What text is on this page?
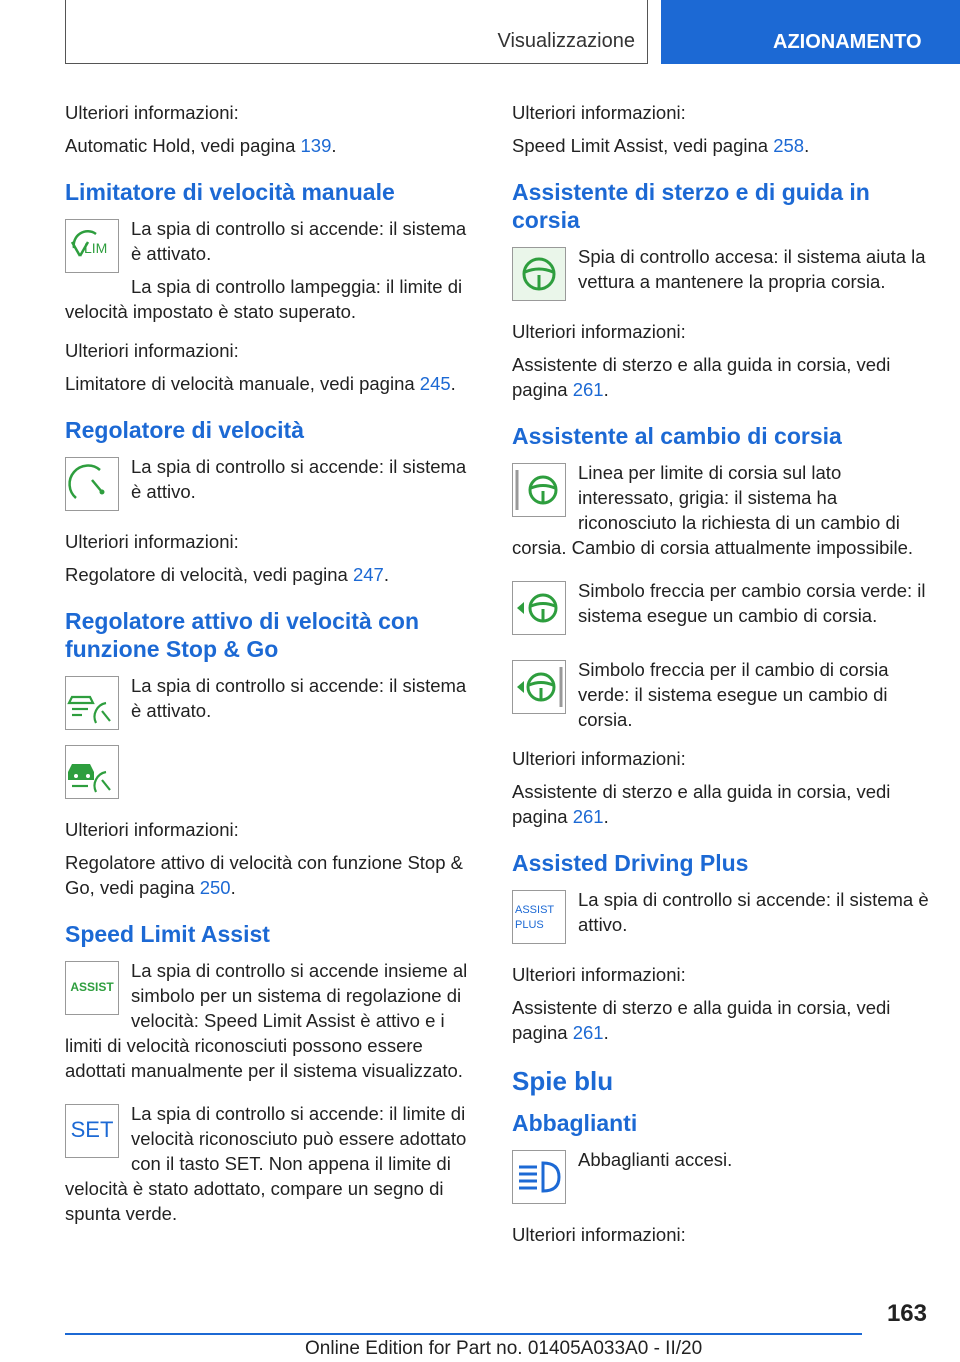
Visualizzazione	AZIONAMENTO

Ulteriori informazioni:

Automatic Hold, vedi pagina 139.

Limitatore di velocità manuale
LIM

La spia di controllo si accende: il sistema è attivato.

La spia di controllo lampeggia: il limite di velocità impostato è stato superato.

Ulteriori informazioni:

Limitatore di velocità manuale, vedi pagina 245.

Regolatore di velocità

La spia di controllo si accende: il sistema è attivo.

Ulteriori informazioni:

Regolatore di velocità, vedi pagina 247.

Regolatore attivo di velocità con funzione Stop & Go

La spia di controllo si accende: il sistema è attivato.

Ulteriori informazioni:

Regolatore attivo di velocità con funzione Stop & Go, vedi pagina 250.

Speed Limit Assist
ASSIST

La spia di controllo si accende insieme al simbolo per un sistema di regolazione di velocità: Speed Limit Assist è attivo e i limiti di velocità riconosciuti possono essere adottati manualmente per il sistema visualizzato.

SET

La spia di controllo si accende: il limite di velocità riconosciuto può essere adottato con il tasto SET. Non appena il limite di velocità è stato adottato, compare un segno di spunta verde.

Ulteriori informazioni:

Speed Limit Assist, vedi pagina 258.

Assistente di sterzo e di guida in corsia

Spia di controllo accesa: il sistema aiuta la vettura a mantenere la propria corsia.

Ulteriori informazioni:

Assistente di sterzo e alla guida in corsia, vedi pagina 261.

Assistente al cambio di corsia

Linea per limite di corsia sul lato interessato, grigia: il sistema ha riconosciuto la richiesta di un cambio di corsia. Cambio di corsia attualmente impossibile.

Simbolo freccia per cambio corsia verde: il sistema esegue un cambio di corsia.

Simbolo freccia per il cambio di corsia verde: il sistema esegue un cambio di corsia.

Ulteriori informazioni:

Assistente di sterzo e alla guida in corsia, vedi pagina 261.

Assisted Driving Plus
ASSIST
PLUS

La spia di controllo si accende: il sistema è attivo.

Ulteriori informazioni:

Assistente di sterzo e alla guida in corsia, vedi pagina 261.

Spie blu
Abbaglianti

Abbaglianti accesi.

Ulteriori informazioni:

163
Online Edition for Part no. 01405A033A0 - II/20
